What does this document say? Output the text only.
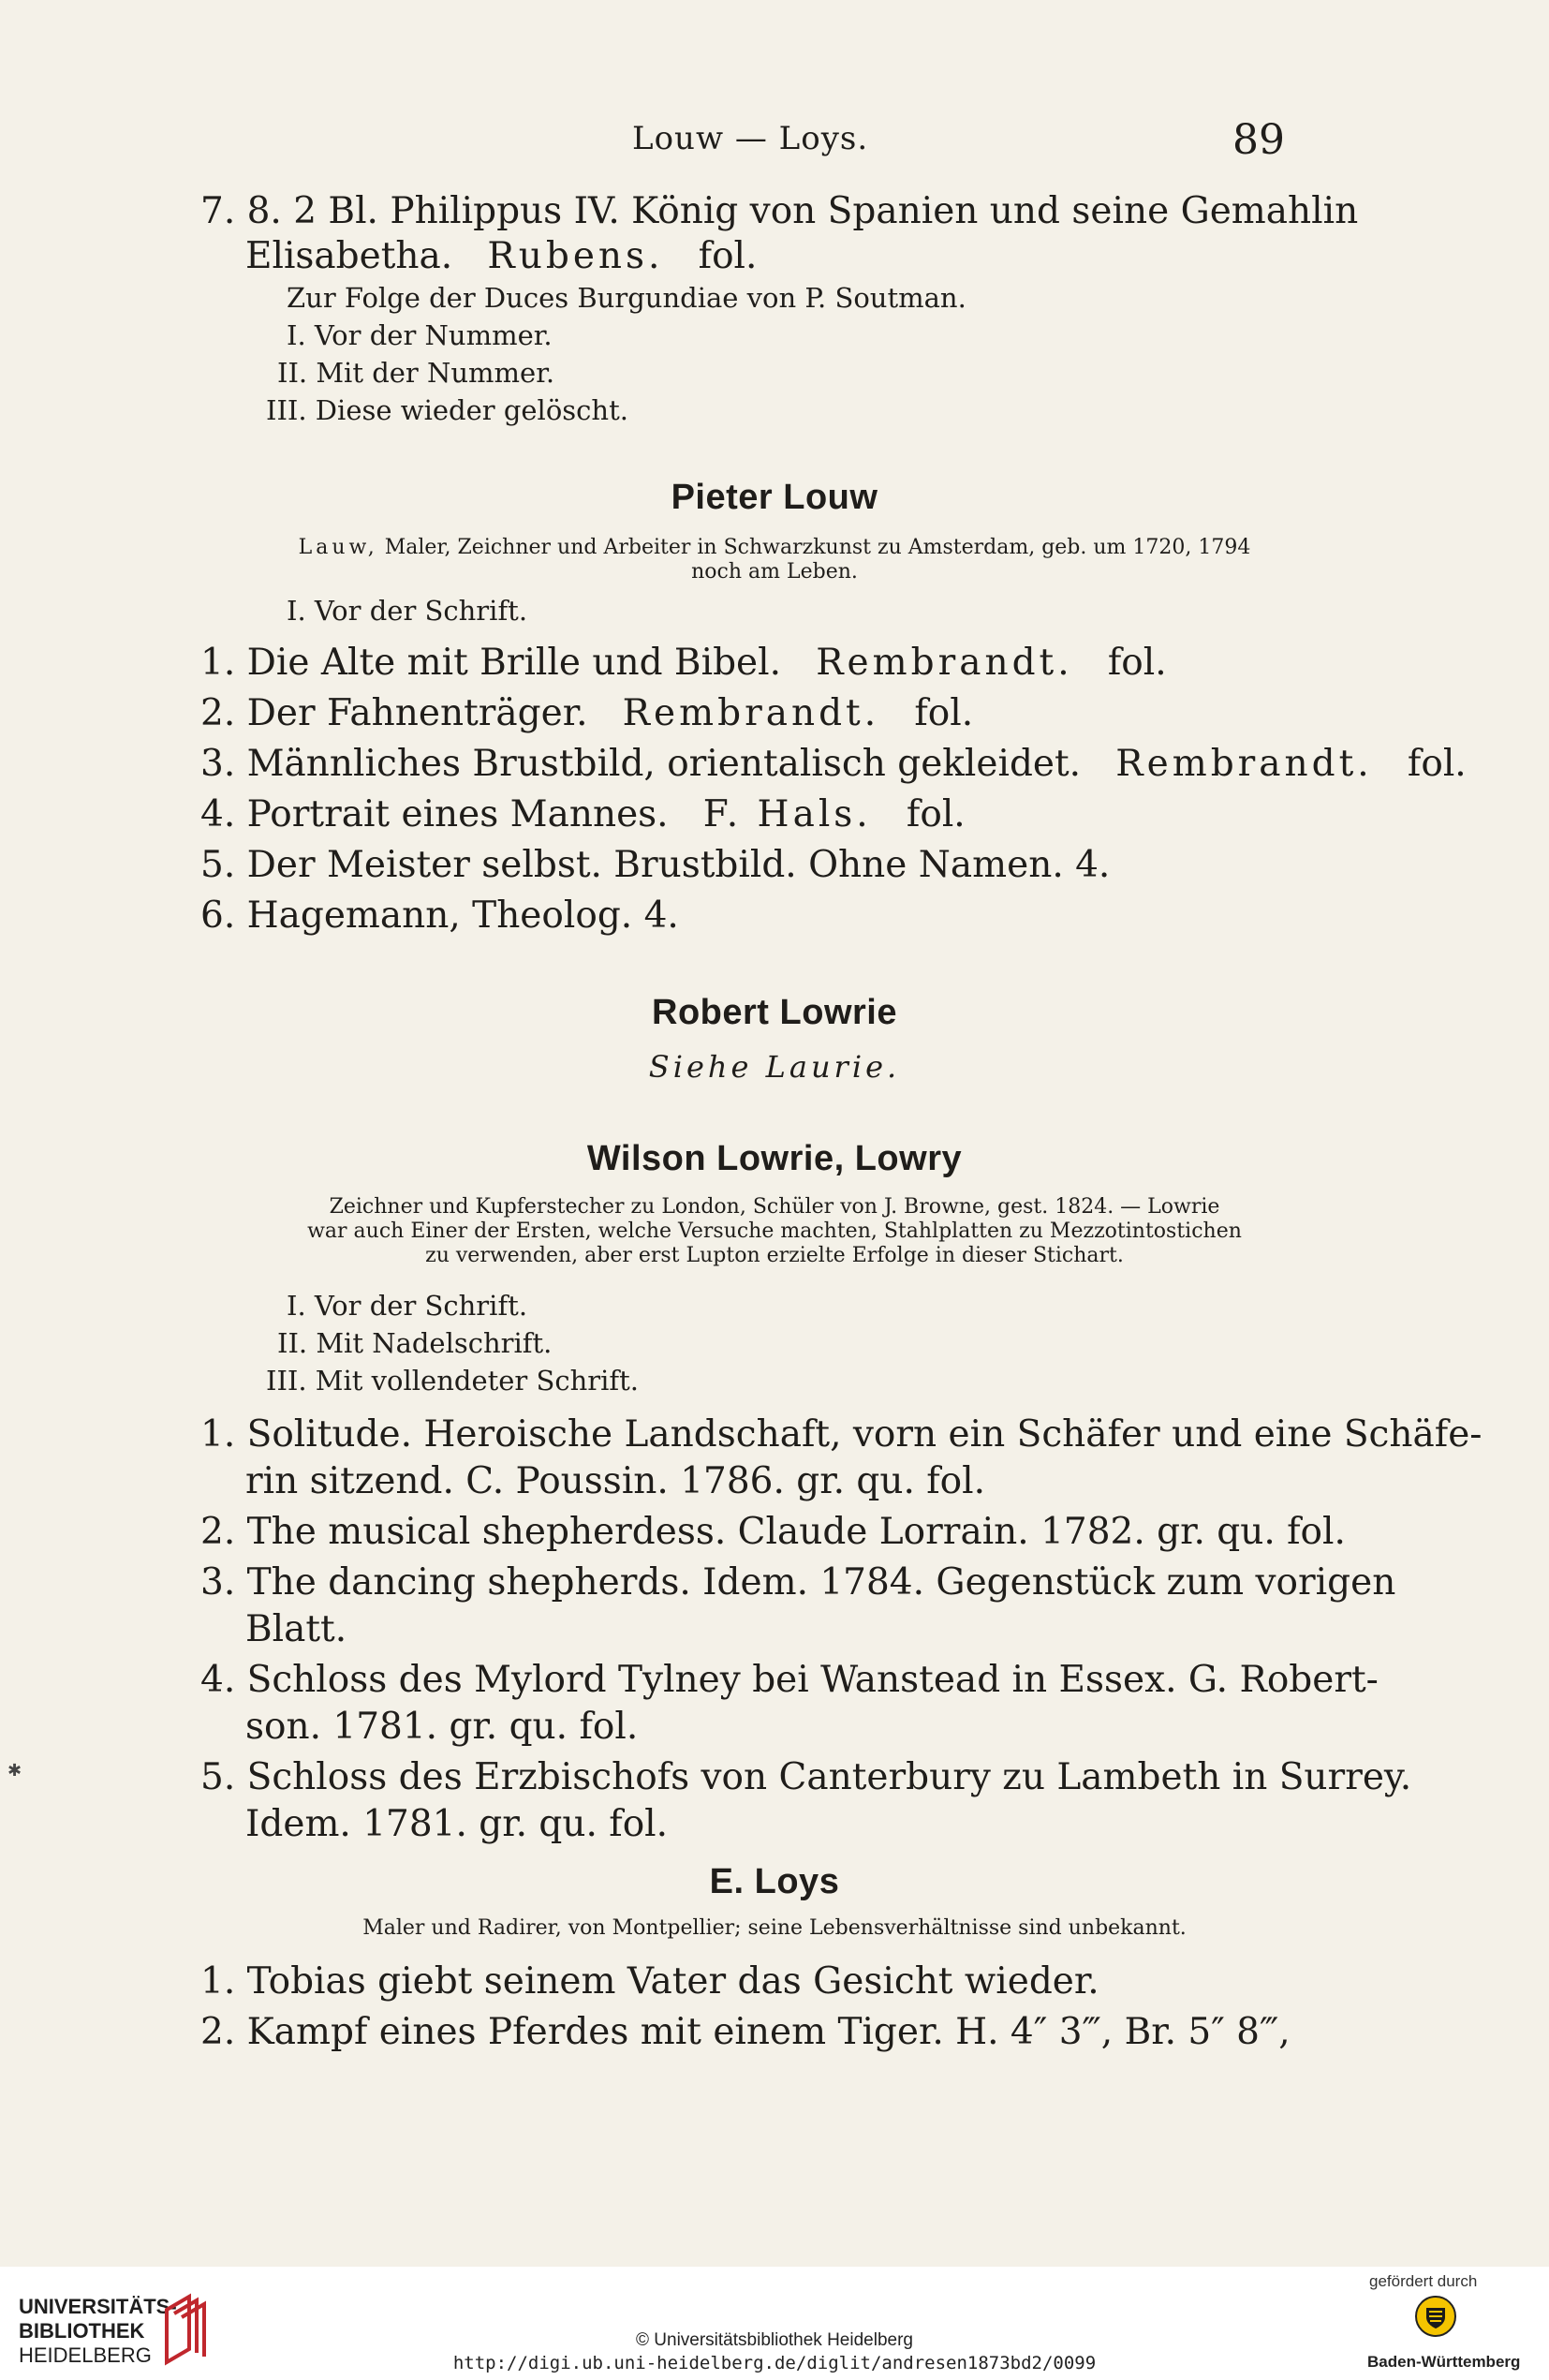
Louw — Loys.	89
7. 8. 2 Bl. Philippus IV. König von Spanien und seine Gemahlin
Elisabetha. Rubens. fol.
Zur Folge der Duces Burgundiae von P. Soutman.
I. Vor der Nummer.
II. Mit der Nummer.
III. Diese wieder gelöscht.
Pieter Louw
Lauw, Maler, Zeichner und Arbeiter in Schwarzkunst zu Amsterdam, geb. um 1720, 1794
noch am Leben.
I. Vor der Schrift.
1. Die Alte mit Brille und Bibel. Rembrandt. fol.
2. Der Fahnenträger. Rembrandt. fol.
3. Männliches Brustbild, orientalisch gekleidet. Rembrandt. fol.
4. Portrait eines Mannes. F. Hals. fol.
5. Der Meister selbst. Brustbild. Ohne Namen. 4.
6. Hagemann, Theolog. 4.
Robert Lowrie
Siehe Laurie.
Wilson Lowrie, Lowry
Zeichner und Kupferstecher zu London, Schüler von J. Browne, gest. 1824. — Lowrie
war auch Einer der Ersten, welche Versuche machten, Stahlplatten zu Mezzotintostichen
zu verwenden, aber erst Lupton erzielte Erfolge in dieser Stichart.
I. Vor der Schrift.
II. Mit Nadelschrift.
III. Mit vollendeter Schrift.
1. Solitude. Heroische Landschaft, vorn ein Schäfer und eine Schäfe-
rin sitzend. C. Poussin. 1786. gr. qu. fol.
2. The musical shepherdess. Claude Lorrain. 1782. gr. qu. fol.
3. The dancing shepherds. Idem. 1784. Gegenstück zum vorigen
Blatt.
4. Schloss des Mylord Tylney bei Wanstead in Essex. G. Robert-
son. 1781. gr. qu. fol.
5. Schloss des Erzbischofs von Canterbury zu Lambeth in Surrey.
Idem. 1781. gr. qu. fol.
E. Loys
Maler und Radirer, von Montpellier; seine Lebensverhältnisse sind unbekannt.
1. Tobias giebt seinem Vater das Gesicht wieder.
2. Kampf eines Pferdes mit einem Tiger. H. 4″ 3‴, Br. 5″ 8‴,
✱
UNIVERSITÄTS-
BIBLIOTHEK
HEIDELBERG
© Universitätsbibliothek Heidelberg
http://digi.ub.uni-heidelberg.de/diglit/andresen1873bd2/0099
gefördert durch
Baden-Württemberg
